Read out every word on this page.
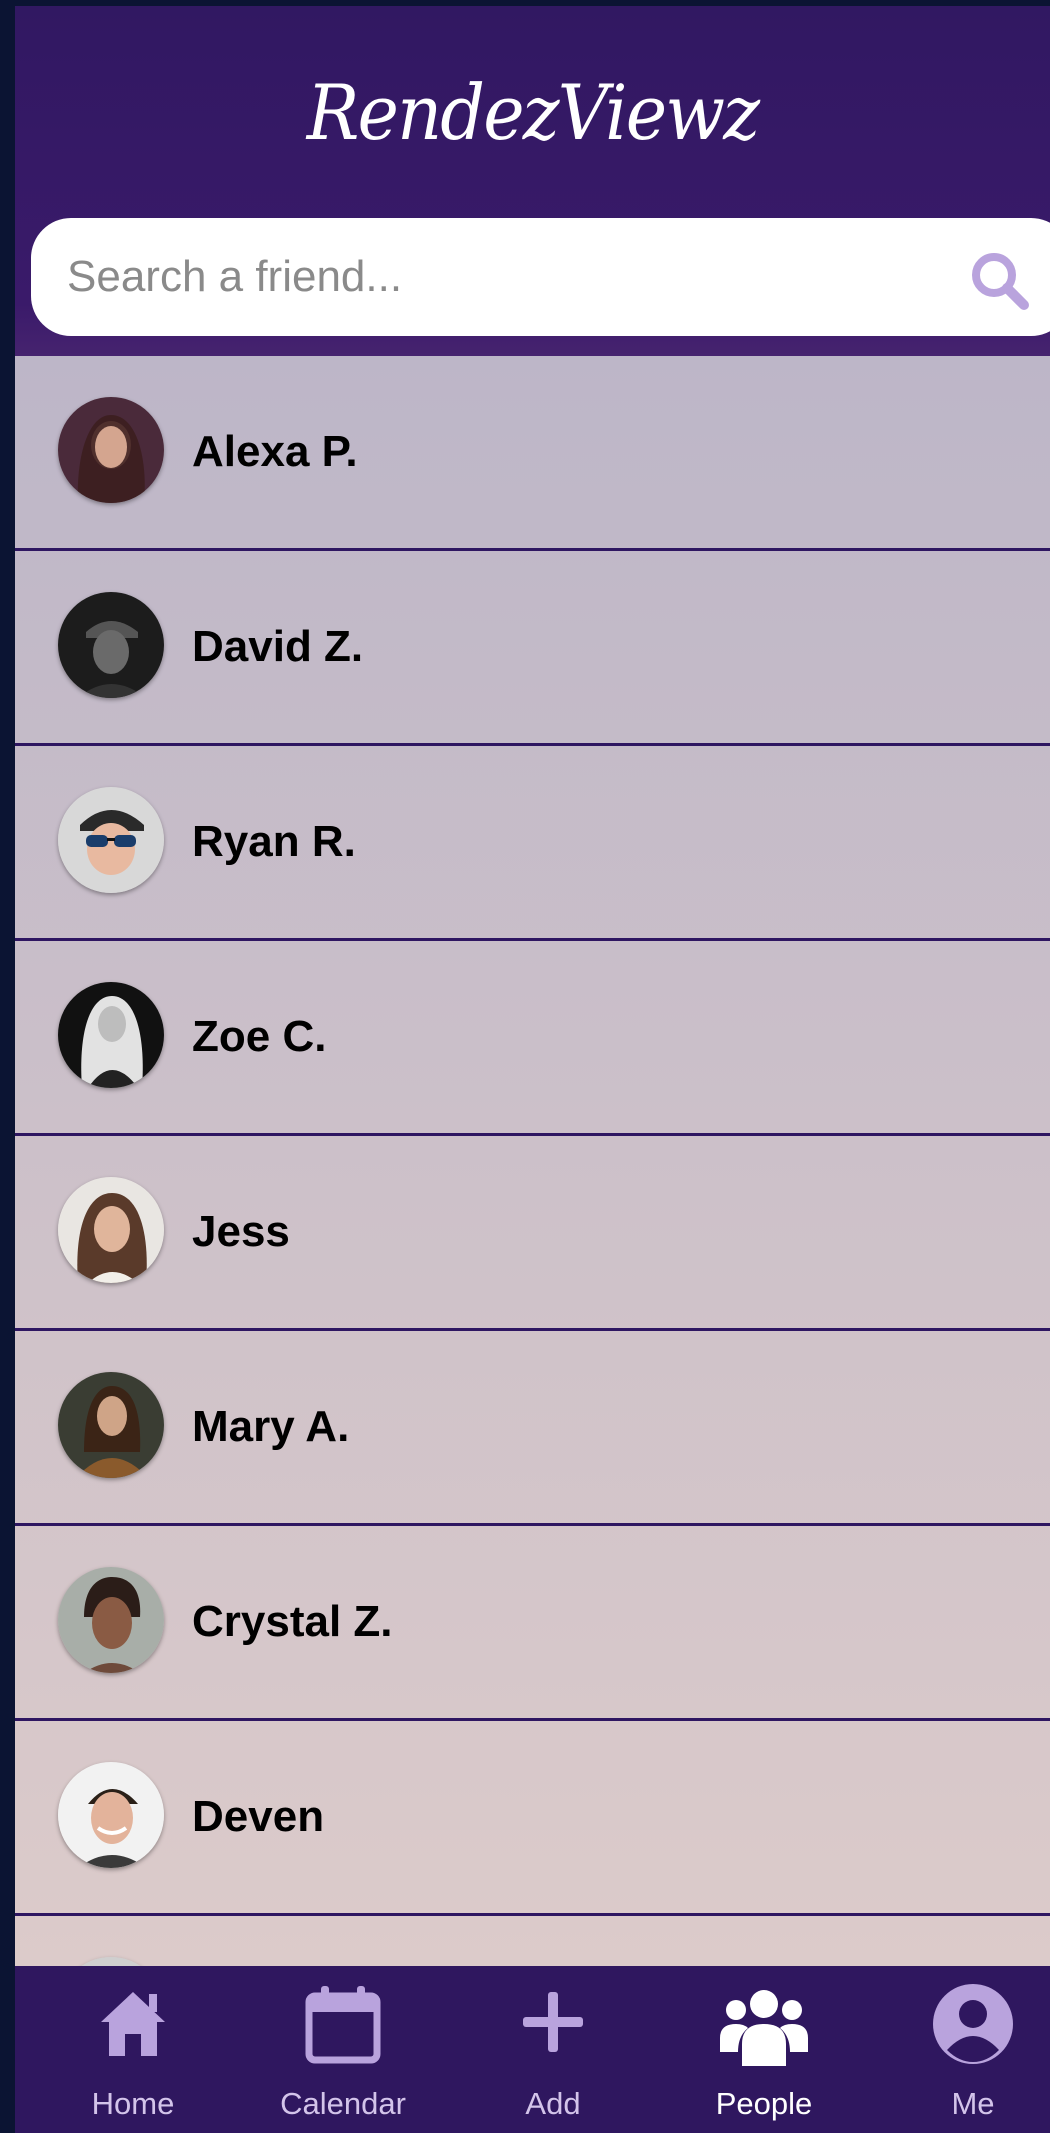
RendezViewz
Search a friend...
Alexa P.
David Z.
Ryan R.
Zoe C.
Jess
Mary A.
Crystal Z.
Deven
Home	Calendar	Add	People	Me
